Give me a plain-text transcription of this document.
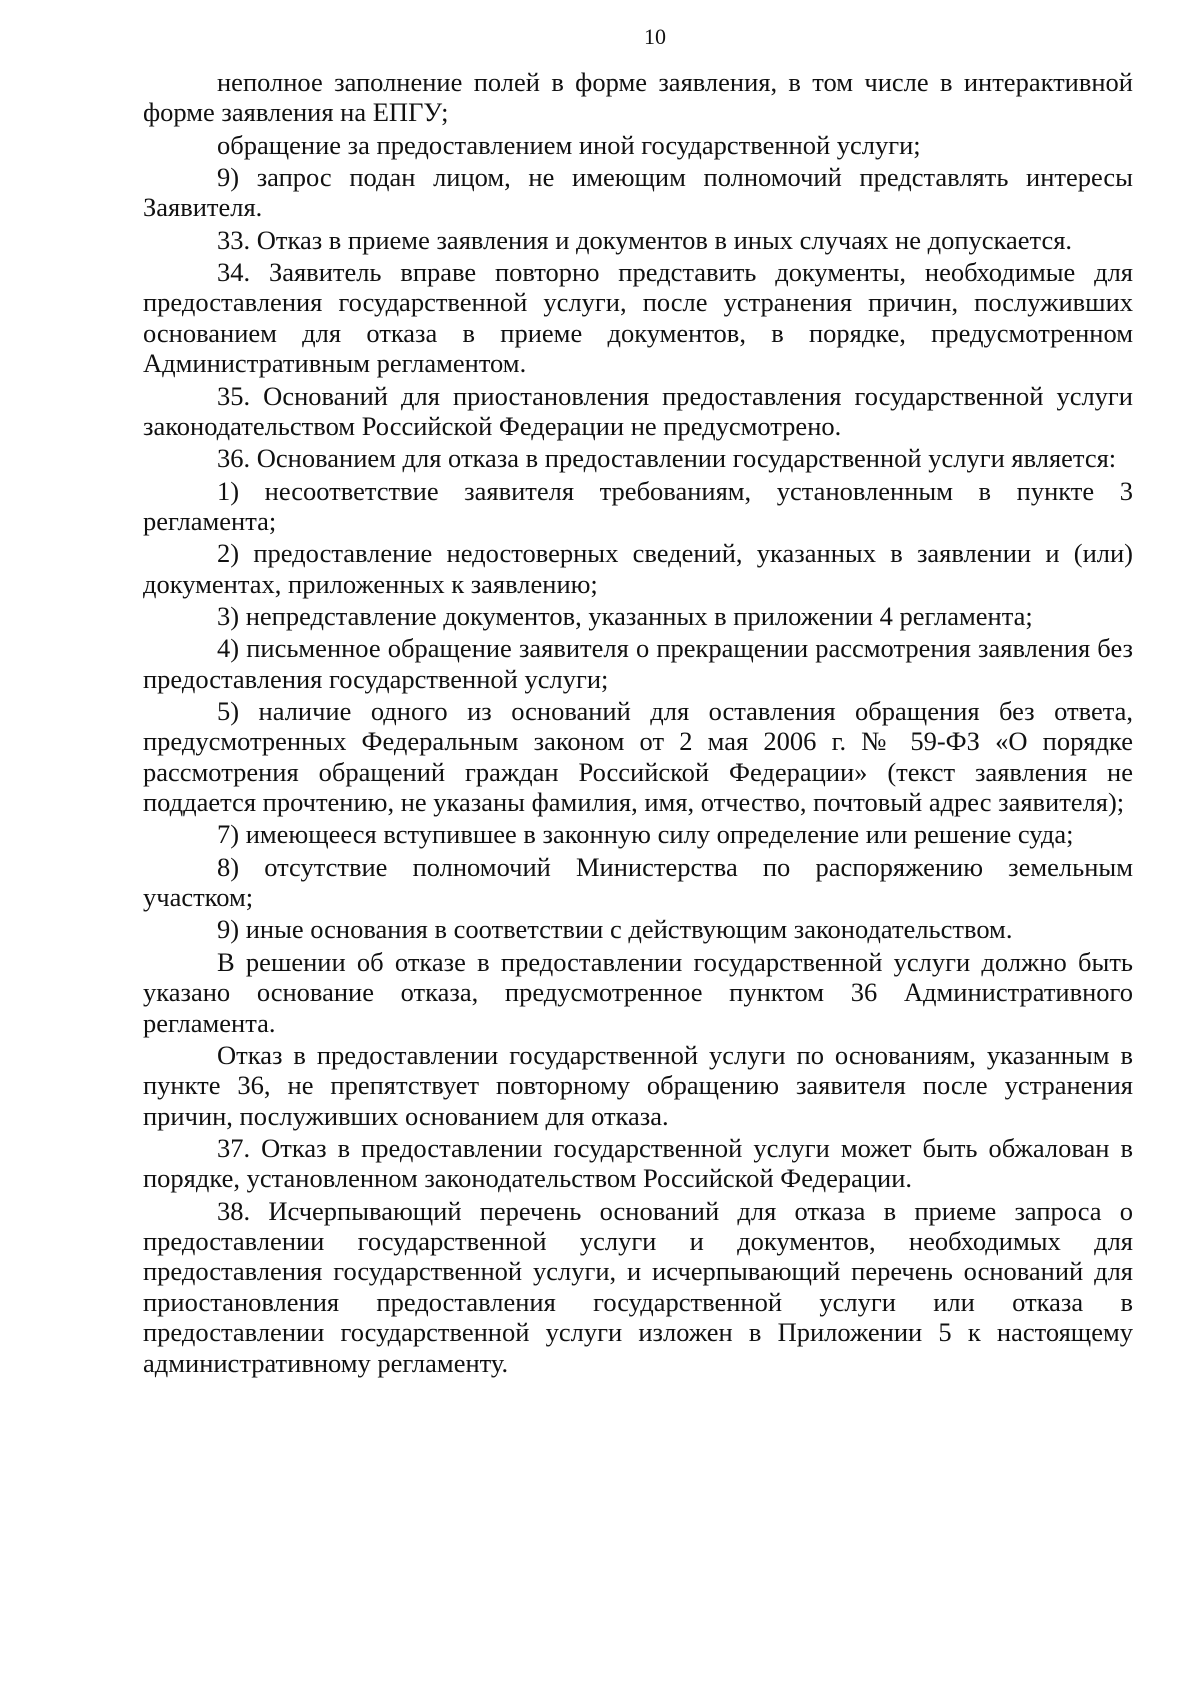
10

неполное заполнение полей в форме заявления, в том числе в интерактивной форме заявления на ЕПГУ;

обращение за предоставлением иной государственной услуги;

9) запрос подан лицом, не имеющим полномочий представлять интересы Заявителя.

33. Отказ в приеме заявления и документов в иных случаях не допускается.

34. Заявитель вправе повторно представить документы, необходимые для предоставления государственной услуги, после устранения причин, послуживших основанием для отказа в приеме документов, в порядке, предусмотренном Административным регламентом.

35. Оснований для приостановления предоставления государственной услуги законодательством Российской Федерации не предусмотрено.

36. Основанием для отказа в предоставлении государственной услуги является:

1) несоответствие заявителя требованиям, установленным в пункте 3 регламента;

2) предоставление недостоверных сведений, указанных в заявлении и (или) документах, приложенных к заявлению;

3) непредставление документов, указанных в приложении 4 регламента;

4) письменное обращение заявителя о прекращении рассмотрения заявления без предоставления государственной услуги;

5) наличие одного из оснований для оставления обращения без ответа, предусмотренных Федеральным законом от 2 мая 2006 г. № 59-ФЗ «О порядке рассмотрения обращений граждан Российской Федерации» (текст заявления не поддается прочтению, не указаны фамилия, имя, отчество, почтовый адрес заявителя);

7) имеющееся вступившее в законную силу определение или решение суда;

8) отсутствие полномочий Министерства по распоряжению земельным участком;

9) иные основания в соответствии с действующим законодательством.

В решении об отказе в предоставлении государственной услуги должно быть указано основание отказа, предусмотренное пунктом 36 Административного регламента.

Отказ в предоставлении государственной услуги по основаниям, указанным в пункте 36, не препятствует повторному обращению заявителя после устранения причин, послуживших основанием для отказа.

37. Отказ в предоставлении государственной услуги может быть обжалован в порядке, установленном законодательством Российской Федерации.

38. Исчерпывающий перечень оснований для отказа в приеме запроса о предоставлении государственной услуги и документов, необходимых для предоставления государственной услуги, и исчерпывающий перечень оснований для приостановления предоставления государственной услуги или отказа в предоставлении государственной услуги изложен в Приложении 5 к настоящему административному регламенту.
